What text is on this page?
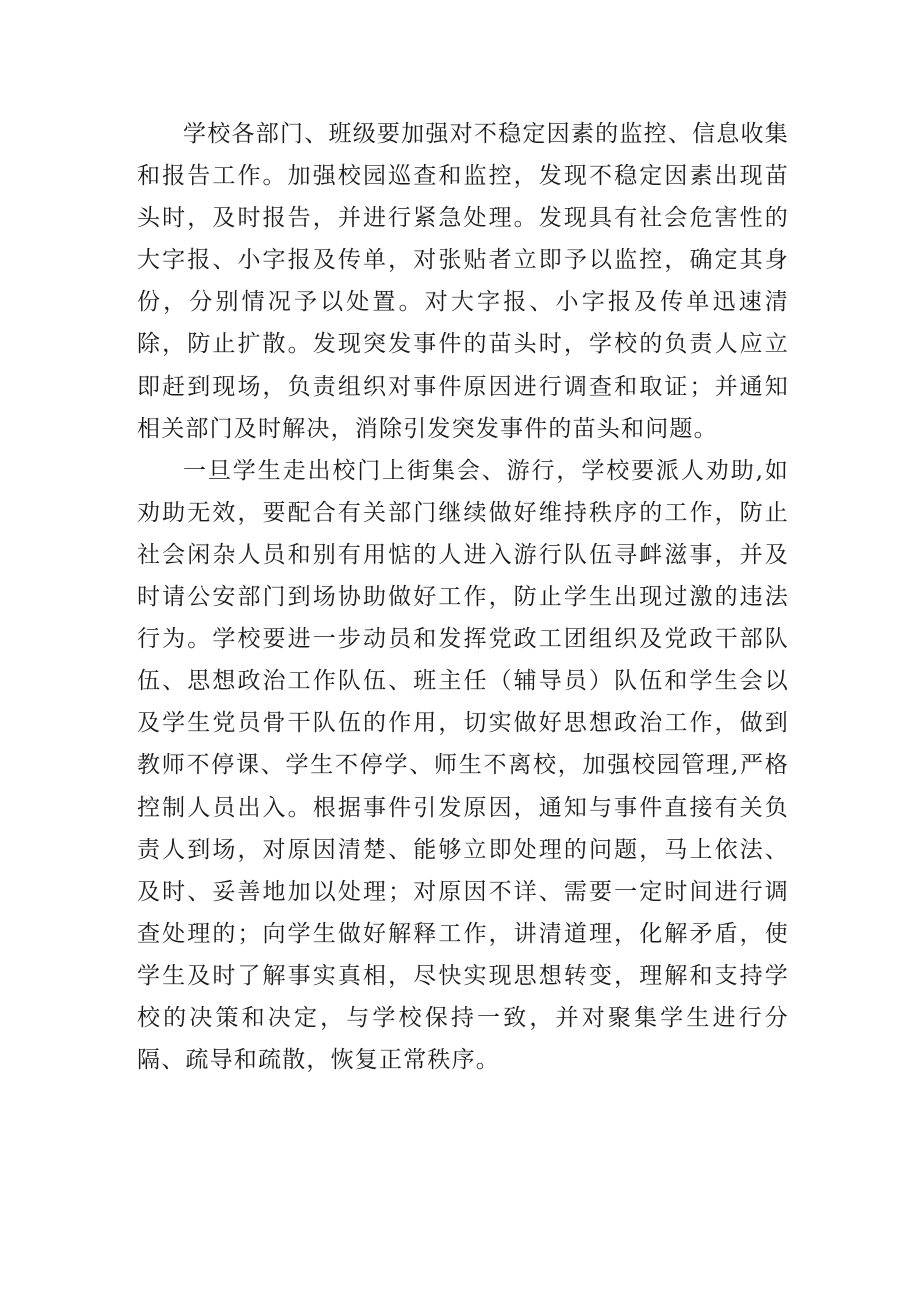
学校各部门、班级要加强对不稳定因素的监控、信息收集和报告工作。加强校园巡查和监控，发现不稳定因素出现苗头时，及时报告，并进行紧急处理。发现具有社会危害性的大字报、小字报及传单，对张贴者立即予以监控，确定其身份，分别情况予以处置。对大字报、小字报及传单迅速清除，防止扩散。发现突发事件的苗头时，学校的负责人应立即赶到现场，负责组织对事件原因进行调查和取证；并通知相关部门及时解决，消除引发突发事件的苗头和问题。

一旦学生走出校门上街集会、游行，学校要派人劝助,如劝助无效，要配合有关部门继续做好维持秩序的工作，防止社会闲杂人员和别有用惦的人进入游行队伍寻衅滋事，并及时请公安部门到场协助做好工作，防止学生出现过激的违法行为。学校要进一步动员和发挥党政工团组织及党政干部队伍、思想政治工作队伍、班主任（辅导员）队伍和学生会以及学生党员骨干队伍的作用，切实做好思想政治工作，做到教师不停课、学生不停学、师生不离校，加强校园管理,严格控制人员出入。根据事件引发原因，通知与事件直接有关负责人到场，对原因清楚、能够立即处理的问题，马上依法、及时、妥善地加以处理；对原因不详、需要一定时间进行调查处理的；向学生做好解释工作，讲清道理，化解矛盾，使学生及时了解事实真相，尽快实现思想转变，理解和支持学校的决策和决定，与学校保持一致，并对聚集学生进行分隔、疏导和疏散，恢复正常秩序。
